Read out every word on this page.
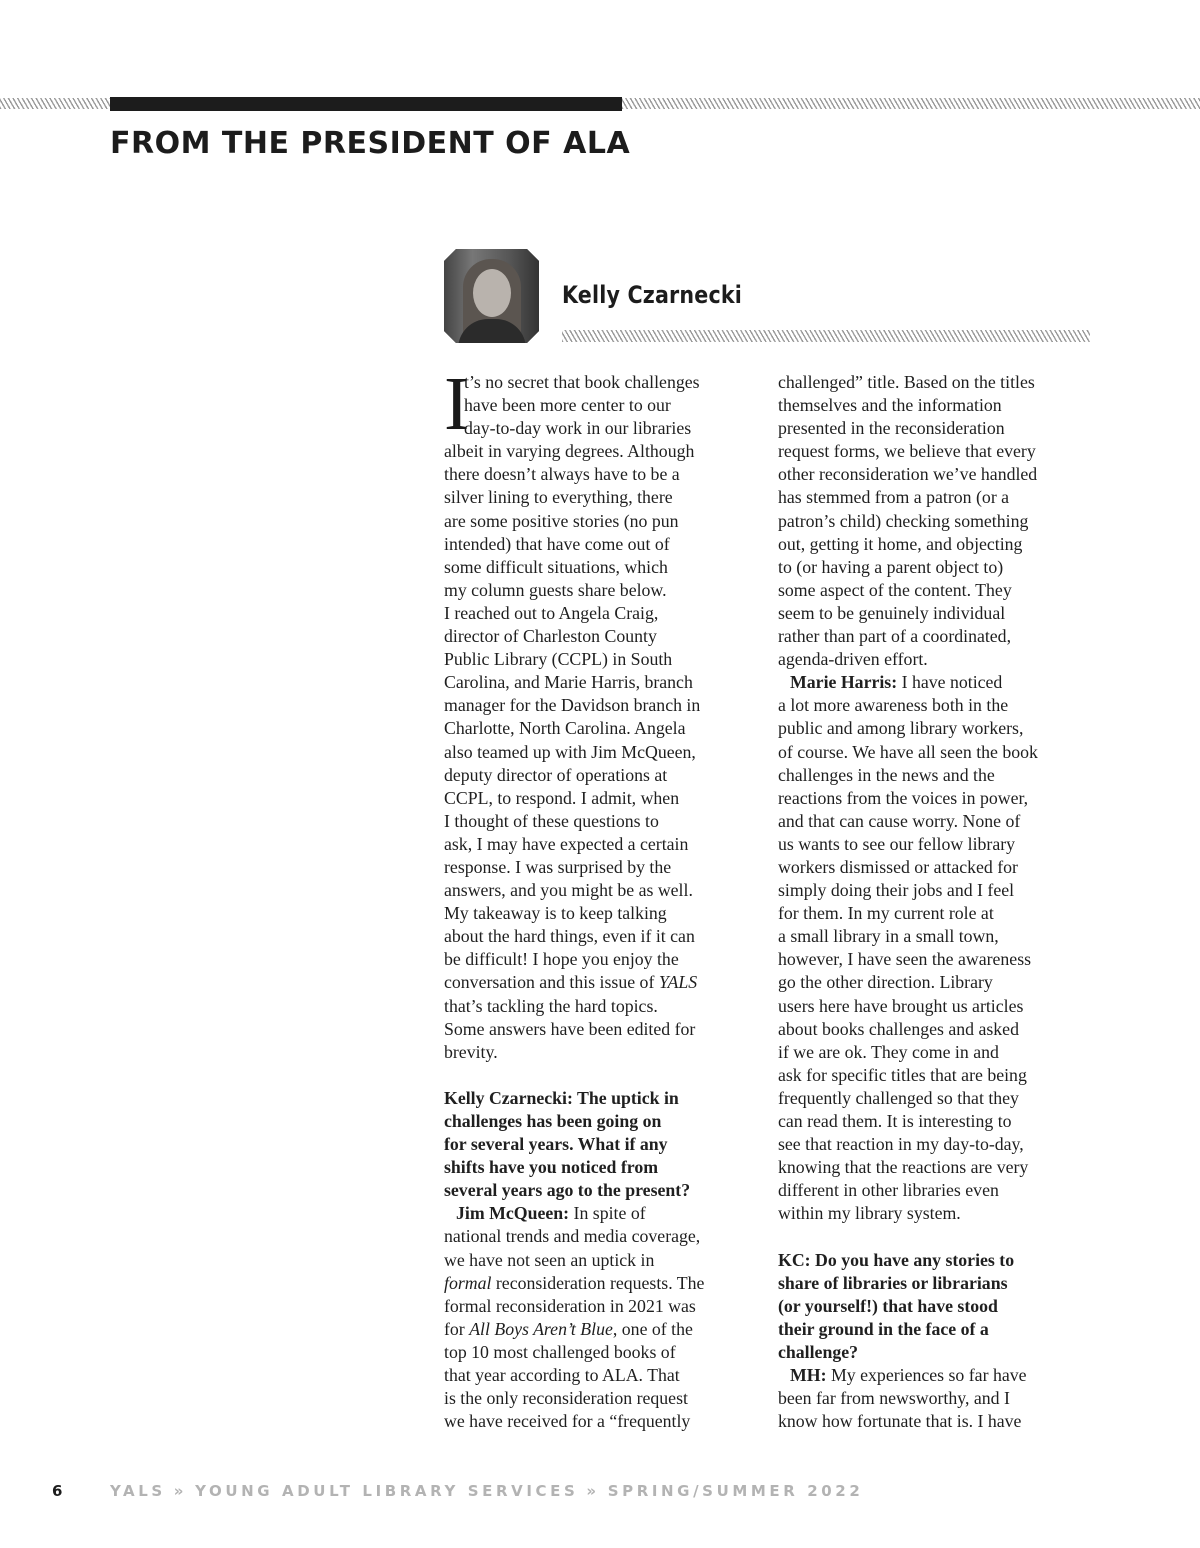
FROM THE PRESIDENT OF ALA
Kelly Czarnecki
I

t’s no secret that book challenges

have been more center to our

day-to-day work in our libraries

albeit in varying degrees. Although

there doesn’t always have to be a

silver lining to everything, there

are some positive stories (no pun

intended) that have come out of

some difficult situations, which

my column guests share below.

I reached out to Angela Craig,

director of Charleston County

Public Library (CCPL) in South

Carolina, and Marie Harris, branch

manager for the Davidson branch in

Charlotte, North Carolina. Angela

also teamed up with Jim McQueen,

deputy director of operations at

CCPL, to respond. I admit, when

I thought of these questions to

ask, I may have expected a certain

response. I was surprised by the

answers, and you might be as well.

My takeaway is to keep talking

about the hard things, even if it can

be difficult! I hope you enjoy the

conversation and this issue of YALS

that’s tackling the hard topics.

Some answers have been edited for

brevity.

Kelly Czarnecki: The uptick in

challenges has been going on

for several years. What if any

shifts have you noticed from

several years ago to the present?

Jim McQueen: In spite of

national trends and media coverage,

we have not seen an uptick in

formal reconsideration requests. The

formal reconsideration in 2021 was

for All Boys Aren’t Blue, one of the

top 10 most challenged books of

that year according to ALA. That

is the only reconsideration request

we have received for a “frequently

challenged” title. Based on the titles

themselves and the information

presented in the reconsideration

request forms, we believe that every

other reconsideration we’ve handled

has stemmed from a patron (or a

patron’s child) checking something

out, getting it home, and objecting

to (or having a parent object to)

some aspect of the content. They

seem to be genuinely individual

rather than part of a coordinated,

agenda-driven effort.

Marie Harris: I have noticed

a lot more awareness both in the

public and among library workers,

of course. We have all seen the book

challenges in the news and the

reactions from the voices in power,

and that can cause worry. None of

us wants to see our fellow library

workers dismissed or attacked for

simply doing their jobs and I feel

for them. In my current role at

a small library in a small town,

however, I have seen the awareness

go the other direction. Library

users here have brought us articles

about books challenges and asked

if we are ok. They come in and

ask for specific titles that are being

frequently challenged so that they

can read them. It is interesting to

see that reaction in my day-to-day,

knowing that the reactions are very

different in other libraries even

within my library system.

KC: Do you have any stories to

share of libraries or librarians

(or yourself!) that have stood

their ground in the face of a

challenge?

MH: My experiences so far have

been far from newsworthy, and I

know how fortunate that is. I have

6	YALS » YOUNG ADULT LIBRARY SERVICES » SPRING/SUMMER 2022
